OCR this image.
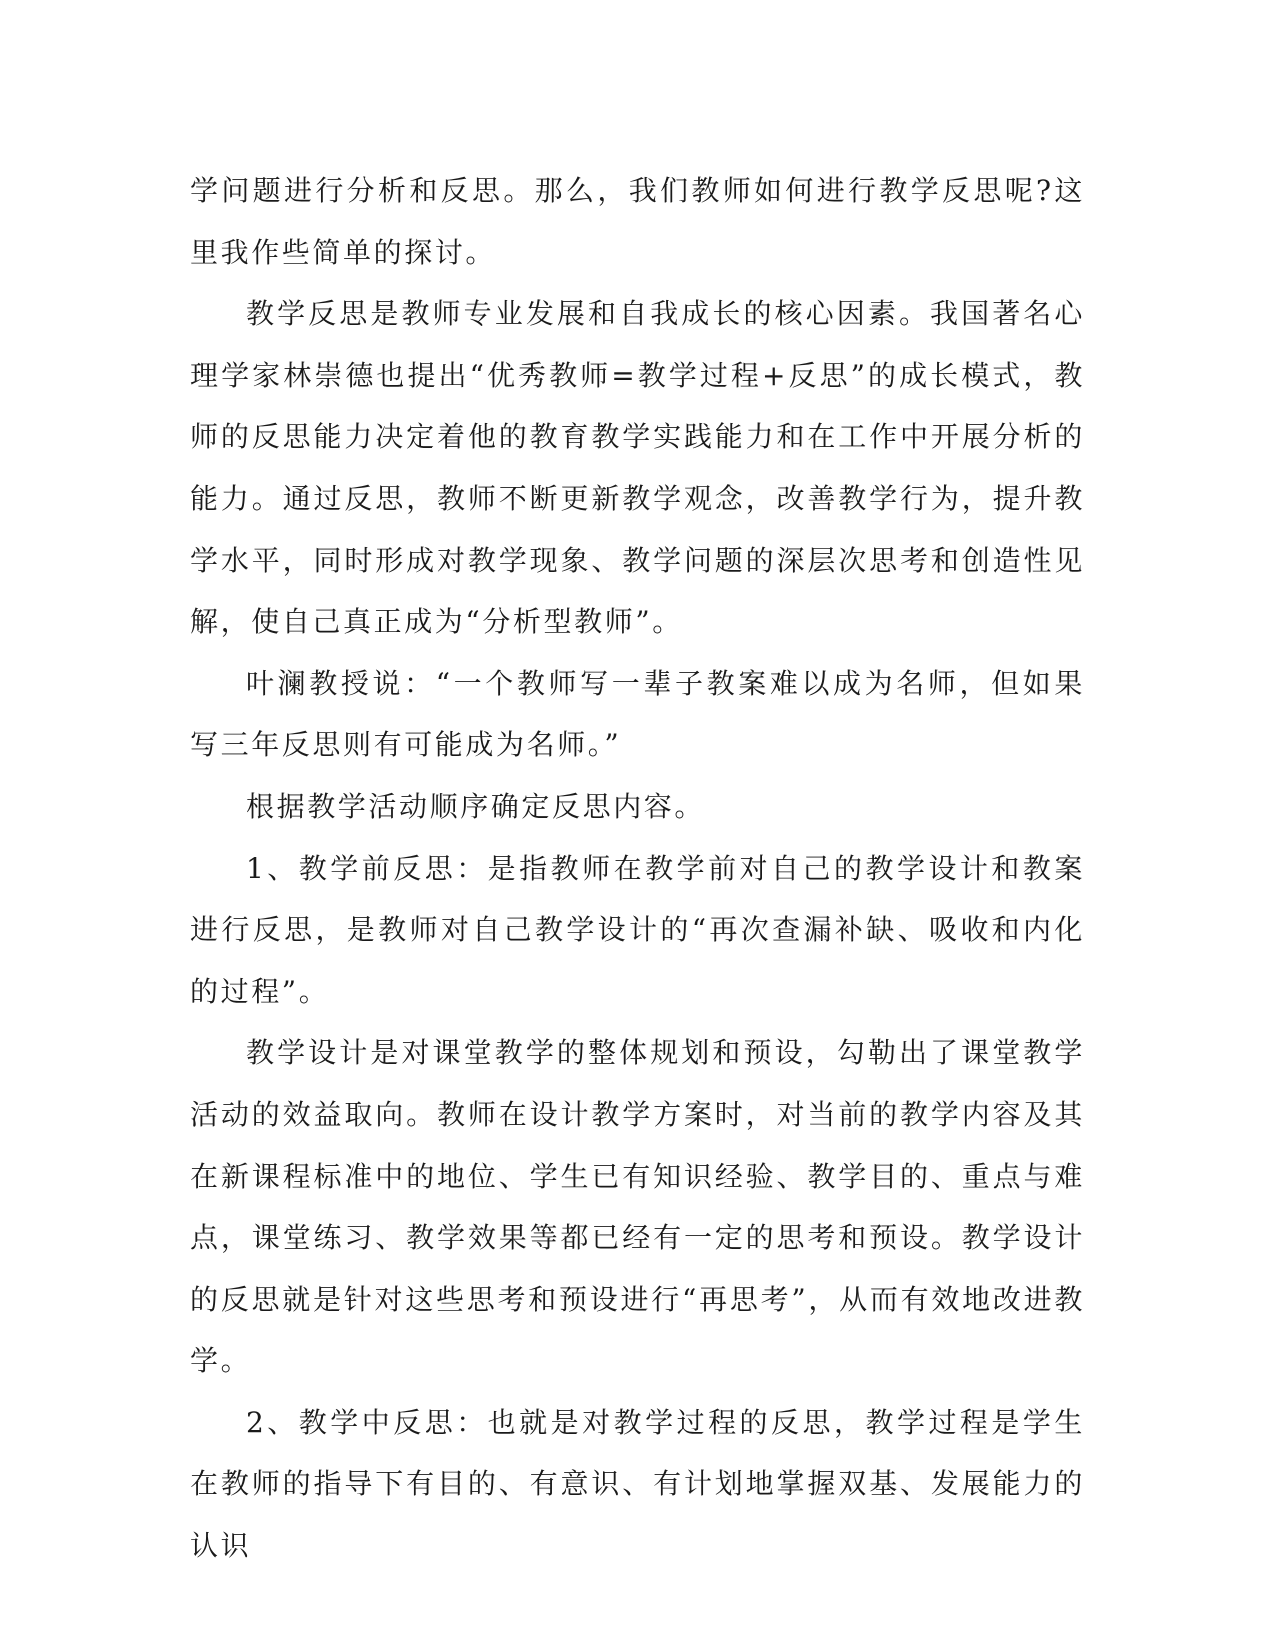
学问题进行分析和反思。那么，我们教师如何进行教学反思呢?这里我作些简单的探讨。

教学反思是教师专业发展和自我成长的核心因素。我国著名心理学家林崇德也提出“优秀教师=教学过程+反思”的成长模式，教师的反思能力决定着他的教育教学实践能力和在工作中开展分析的能力。通过反思，教师不断更新教学观念，改善教学行为，提升教学水平，同时形成对教学现象、教学问题的深层次思考和创造性见解，使自己真正成为“分析型教师”。

叶澜教授说：“一个教师写一辈子教案难以成为名师，但如果写三年反思则有可能成为名师。”

根据教学活动顺序确定反思内容。

1、教学前反思：是指教师在教学前对自己的教学设计和教案进行反思，是教师对自己教学设计的“再次查漏补缺、吸收和内化的过程”。

教学设计是对课堂教学的整体规划和预设，勾勒出了课堂教学活动的效益取向。教师在设计教学方案时，对当前的教学内容及其在新课程标准中的地位、学生已有知识经验、教学目的、重点与难点，课堂练习、教学效果等都已经有一定的思考和预设。教学设计的反思就是针对这些思考和预设进行“再思考”，从而有效地改进教学。

2、教学中反思：也就是对教学过程的反思，教学过程是学生在教师的指导下有目的、有意识、有计划地掌握双基、发展能力的认识
